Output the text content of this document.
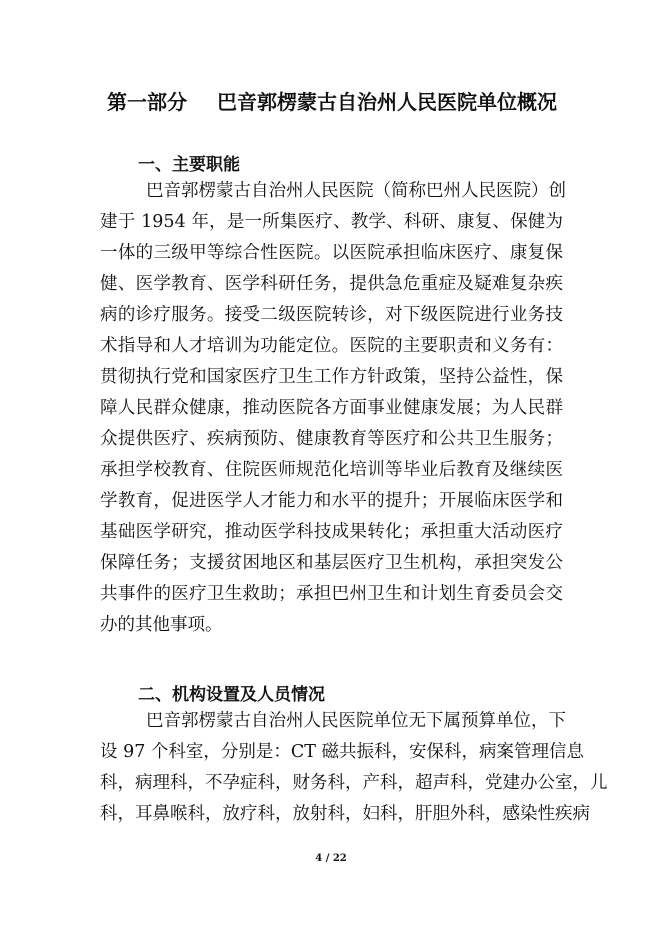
第一部分 巴音郭楞蒙古自治州人民医院单位概况
一、主要职能
巴音郭楞蒙古自治州人民医院（简称巴州人民医院）创
建于 1954 年，是一所集医疗、教学、科研、康复、保健为
一体的三级甲等综合性医院。以医院承担临床医疗、康复保
健、医学教育、医学科研任务，提供急危重症及疑难复杂疾
病的诊疗服务。接受二级医院转诊，对下级医院进行业务技
术指导和人才培训为功能定位。医院的主要职责和义务有：
贯彻执行党和国家医疗卫生工作方针政策，坚持公益性，保
障人民群众健康，推动医院各方面事业健康发展；为人民群
众提供医疗、疾病预防、健康教育等医疗和公共卫生服务；
承担学校教育、住院医师规范化培训等毕业后教育及继续医
学教育，促进医学人才能力和水平的提升；开展临床医学和
基础医学研究，推动医学科技成果转化；承担重大活动医疗
保障任务；支援贫困地区和基层医疗卫生机构，承担突发公
共事件的医疗卫生救助；承担巴州卫生和计划生育委员会交
办的其他事项。
二、机构设置及人员情况
巴音郭楞蒙古自治州人民医院单位无下属预算单位，下
设 97 个科室，分别是：CT 磁共振科，安保科，病案管理信息
科，病理科，不孕症科，财务科，产科，超声科，党建办公室，儿
科，耳鼻喉科，放疗科，放射科，妇科，肝胆外科，感染性疾病
4 / 22
